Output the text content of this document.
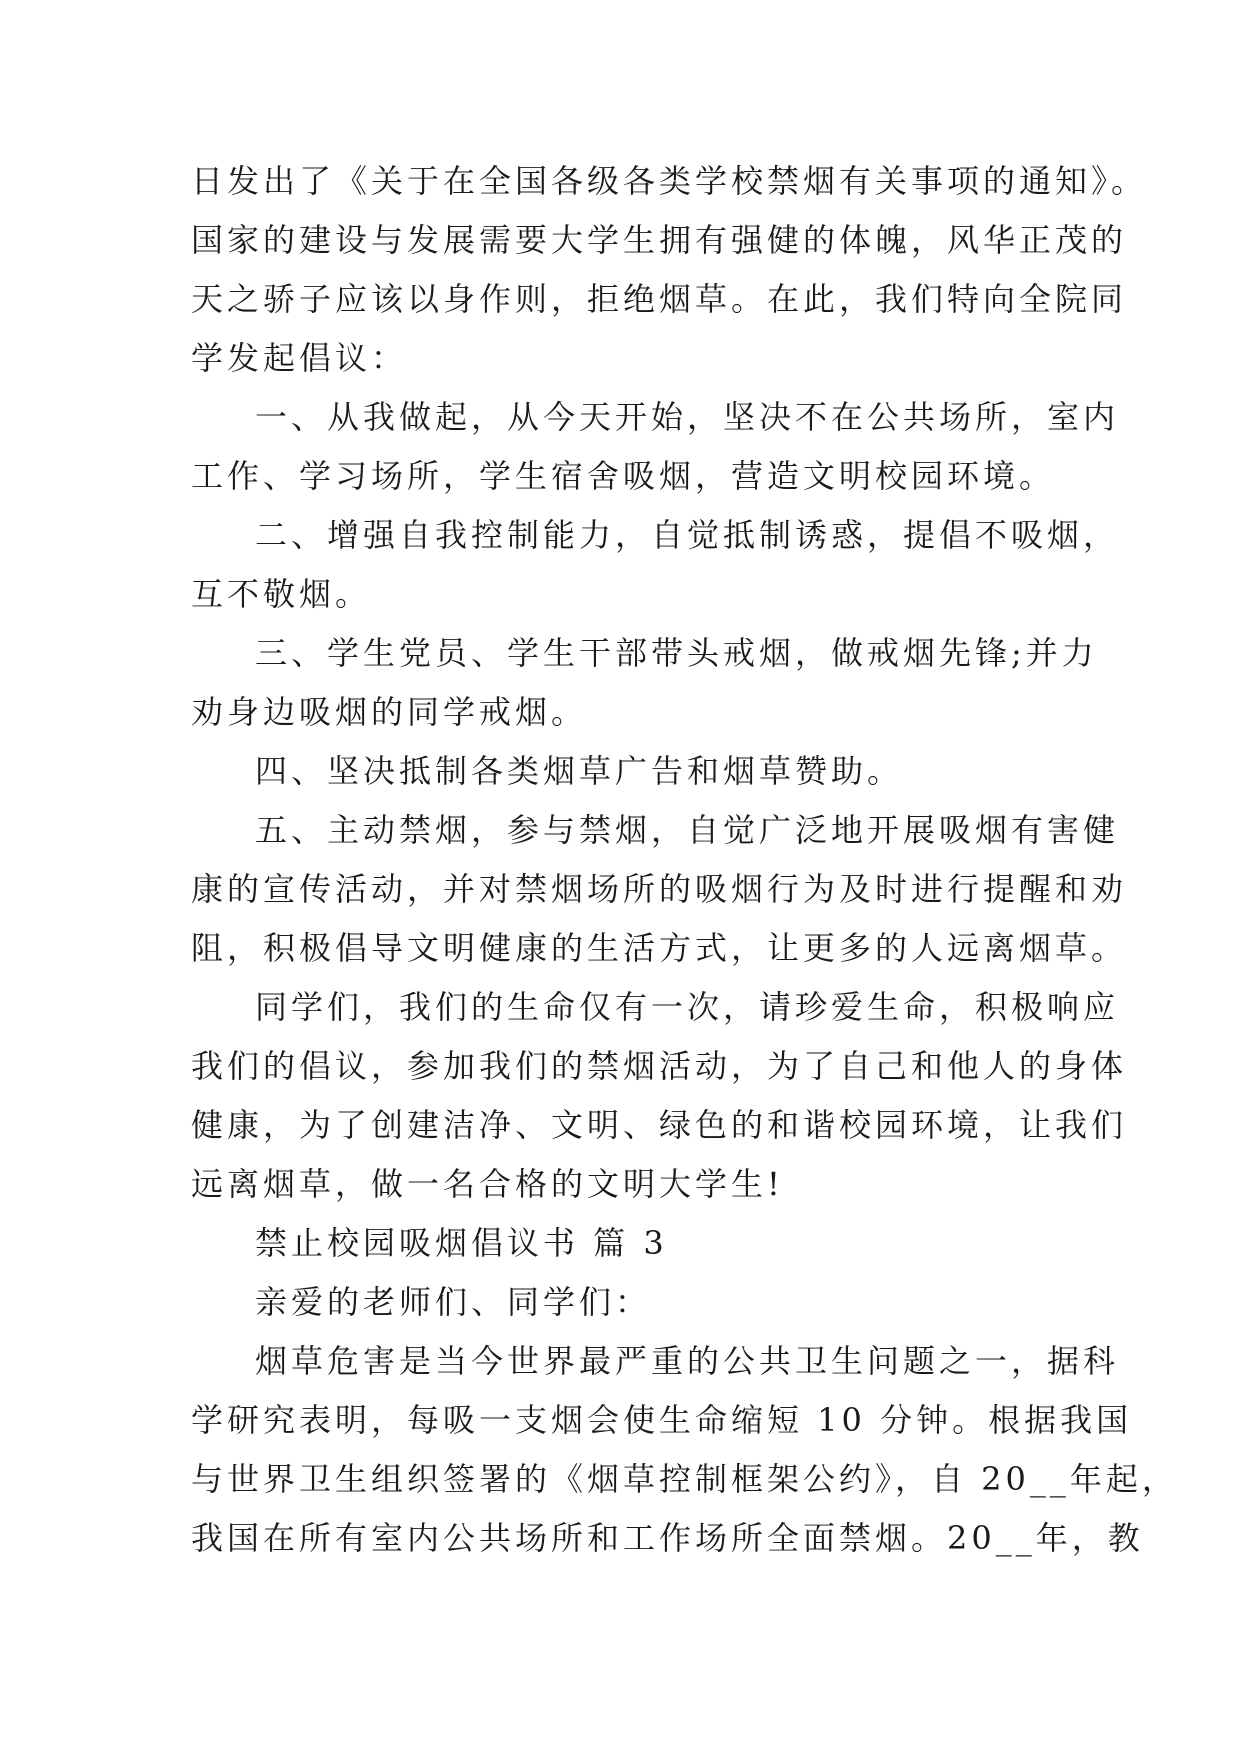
日发出了《关于在全国各级各类学校禁烟有关事项的通知》。
国家的建设与发展需要大学生拥有强健的体魄，风华正茂的
天之骄子应该以身作则，拒绝烟草。在此，我们特向全院同
学发起倡议：
一、从我做起，从今天开始，坚决不在公共场所，室内
工作、学习场所，学生宿舍吸烟，营造文明校园环境。
二、增强自我控制能力，自觉抵制诱惑，提倡不吸烟，
互不敬烟。
三、学生党员、学生干部带头戒烟，做戒烟先锋;并力
劝身边吸烟的同学戒烟。
四、坚决抵制各类烟草广告和烟草赞助。
五、主动禁烟，参与禁烟，自觉广泛地开展吸烟有害健
康的宣传活动，并对禁烟场所的吸烟行为及时进行提醒和劝
阻，积极倡导文明健康的生活方式，让更多的人远离烟草。
同学们，我们的生命仅有一次，请珍爱生命，积极响应
我们的倡议，参加我们的禁烟活动，为了自己和他人的身体
健康，为了创建洁净、文明、绿色的和谐校园环境，让我们
远离烟草，做一名合格的文明大学生!
禁止校园吸烟倡议书 篇 3
亲爱的老师们、同学们：
烟草危害是当今世界最严重的公共卫生问题之一，据科
学研究表明，每吸一支烟会使生命缩短 10 分钟。根据我国
与世界卫生组织签署的《烟草控制框架公约》，自 20__年起，
我国在所有室内公共场所和工作场所全面禁烟。20__年，教
